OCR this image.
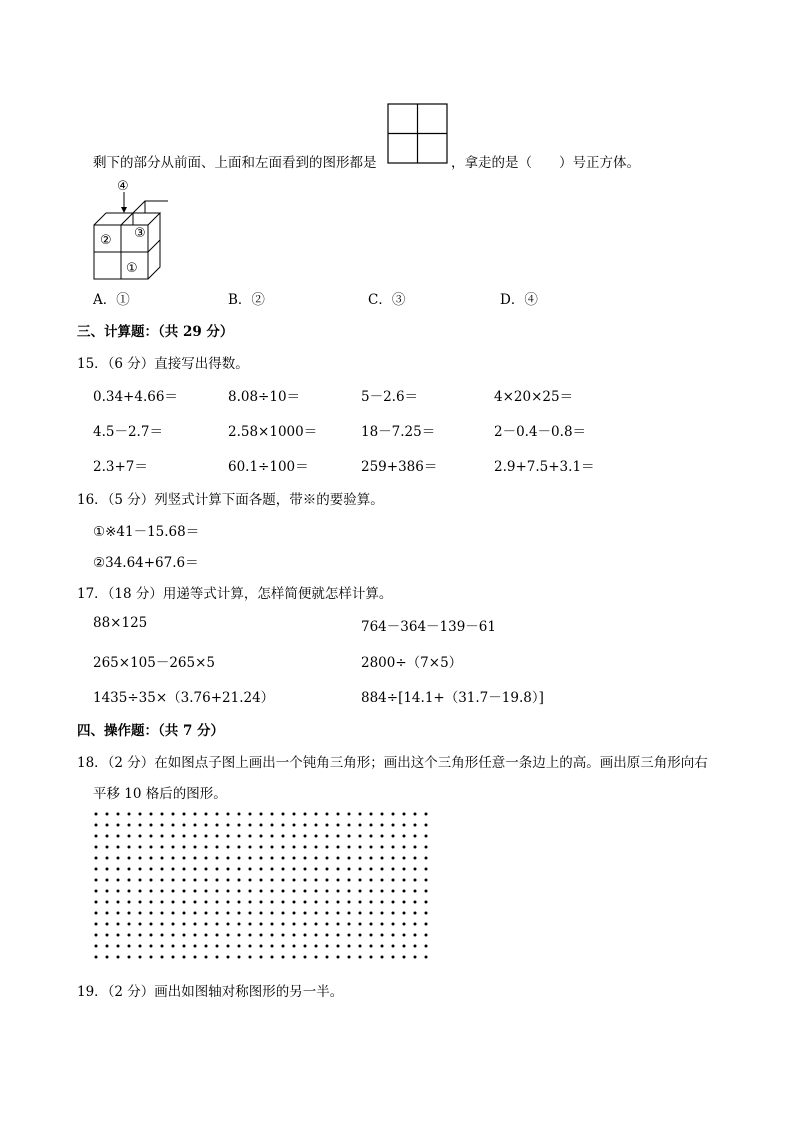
剩下的部分从前面、上面和左面看到的图形都是	，拿走的是（　　）号正方体。
④
② ③
①
A．①	B．②	C．③	D．④
三、计算题：（共 29 分）
15．（6 分）直接写出得数。
0.34+4.66＝	8.08÷10＝	5－2.6＝	4×20×25＝
4.5－2.7＝	2.58×1000＝	18－7.25＝	2－0.4－0.8＝
2.3+7＝	60.1÷100＝	259+386＝	2.9+7.5+3.1＝
16．（5 分）列竖式计算下面各题，带※的要验算。
①※41－15.68＝
②34.64+67.6＝
17．（18 分）用递等式计算，怎样简便就怎样计算。
88×125	764－364－139－61
265×105－265×5	2800÷（7×5）
1435÷35×（3.76+21.24）	884÷[14.1+（31.7－19.8）]
四、操作题：（共 7 分）
18．（2 分）在如图点子图上画出一个钝角三角形；画出这个三角形任意一条边上的高。画出原三角形向右
平移 10 格后的图形。
19．（2 分）画出如图轴对称图形的另一半。
